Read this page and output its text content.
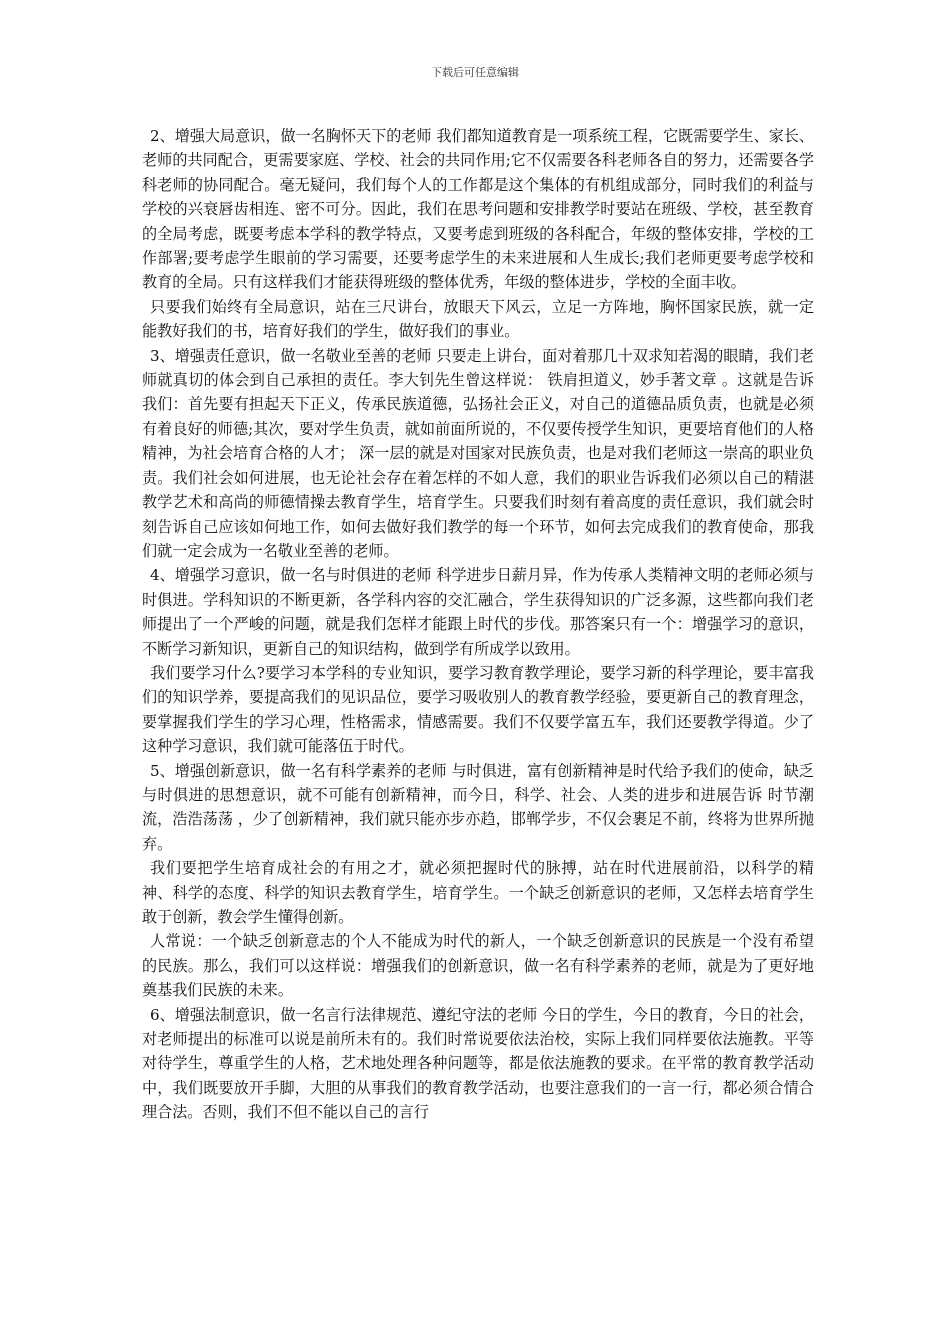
下载后可任意编辑

2、增强大局意识，做一名胸怀天下的老师 我们都知道教育是一项系统工程，它既需要学生、家长、老师的共同配合，更需要家庭、学校、社会的共同作用;它不仅需要各科老师各自的努力，还需要各学科老师的协同配合。毫无疑问，我们每个人的工作都是这个集体的有机组成部分，同时我们的利益与学校的兴衰唇齿相连、密不可分。因此，我们在思考问题和安排教学时要站在班级、学校，甚至教育的全局考虑，既要考虑本学科的教学特点，又要考虑到班级的各科配合，年级的整体安排，学校的工作部署;要考虑学生眼前的学习需要，还要考虑学生的未来进展和人生成长;我们老师更要考虑学校和教育的全局。只有这样我们才能获得班级的整体优秀，年级的整体进步，学校的全面丰收。

只要我们始终有全局意识，站在三尺讲台，放眼天下风云，立足一方阵地，胸怀国家民族，就一定能教好我们的书，培育好我们的学生，做好我们的事业。

3、增强责任意识，做一名敬业至善的老师 只要走上讲台，面对着那几十双求知若渴的眼睛，我们老师就真切的体会到自己承担的责任。李大钊先生曾这样说： 铁肩担道义，妙手著文章 。这就是告诉我们：首先要有担起天下正义，传承民族道德，弘扬社会正义，对自己的道德品质负责，也就是必须有着良好的师德;其次，要对学生负责，就如前面所说的，不仅要传授学生知识，更要培育他们的人格精神，为社会培育合格的人才； 深一层的就是对国家对民族负责，也是对我们老师这一崇高的职业负责。我们社会如何进展，也无论社会存在着怎样的不如人意，我们的职业告诉我们必须以自己的精湛教学艺术和高尚的师德情操去教育学生，培育学生。只要我们时刻有着高度的责任意识，我们就会时刻告诉自己应该如何地工作，如何去做好我们教学的每一个环节，如何去完成我们的教育使命，那我们就一定会成为一名敬业至善的老师。

4、增强学习意识，做一名与时俱进的老师 科学进步日薪月异，作为传承人类精神文明的老师必须与时俱进。学科知识的不断更新，各学科内容的交汇融合，学生获得知识的广泛多源，这些都向我们老师提出了一个严峻的问题，就是我们怎样才能跟上时代的步伐。那答案只有一个：增强学习的意识，不断学习新知识，更新自己的知识结构，做到学有所成学以致用。

我们要学习什么?要学习本学科的专业知识，要学习教育教学理论，要学习新的科学理论，要丰富我们的知识学养，要提高我们的见识品位，要学习吸收别人的教育教学经验，要更新自己的教育理念，要掌握我们学生的学习心理，性格需求，情感需要。我们不仅要学富五车，我们还要教学得道。少了这种学习意识，我们就可能落伍于时代。

5、增强创新意识，做一名有科学素养的老师 与时俱进，富有创新精神是时代给予我们的使命，缺乏与时俱进的思想意识，就不可能有创新精神，而今日，科学、社会、人类的进步和进展告诉 时节潮流，浩浩荡荡 ，少了创新精神，我们就只能亦步亦趋，邯郸学步，不仅会裹足不前，终将为世界所抛弃。

我们要把学生培育成社会的有用之才，就必须把握时代的脉搏，站在时代进展前沿，以科学的精神、科学的态度、科学的知识去教育学生，培育学生。一个缺乏创新意识的老师，又怎样去培育学生敢于创新，教会学生懂得创新。

人常说：一个缺乏创新意志的个人不能成为时代的新人，一个缺乏创新意识的民族是一个没有希望的民族。那么，我们可以这样说：增强我们的创新意识，做一名有科学素养的老师，就是为了更好地奠基我们民族的未来。

6、增强法制意识，做一名言行法律规范、遵纪守法的老师 今日的学生，今日的教育，今日的社会，对老师提出的标准可以说是前所未有的。我们时常说要依法治校，实际上我们同样要依法施教。平等对待学生，尊重学生的人格，艺术地处理各种问题等，都是依法施教的要求。在平常的教育教学活动中，我们既要放开手脚，大胆的从事我们的教育教学活动，也要注意我们的一言一行，都必须合情合理合法。否则，我们不但不能以自己的言行
